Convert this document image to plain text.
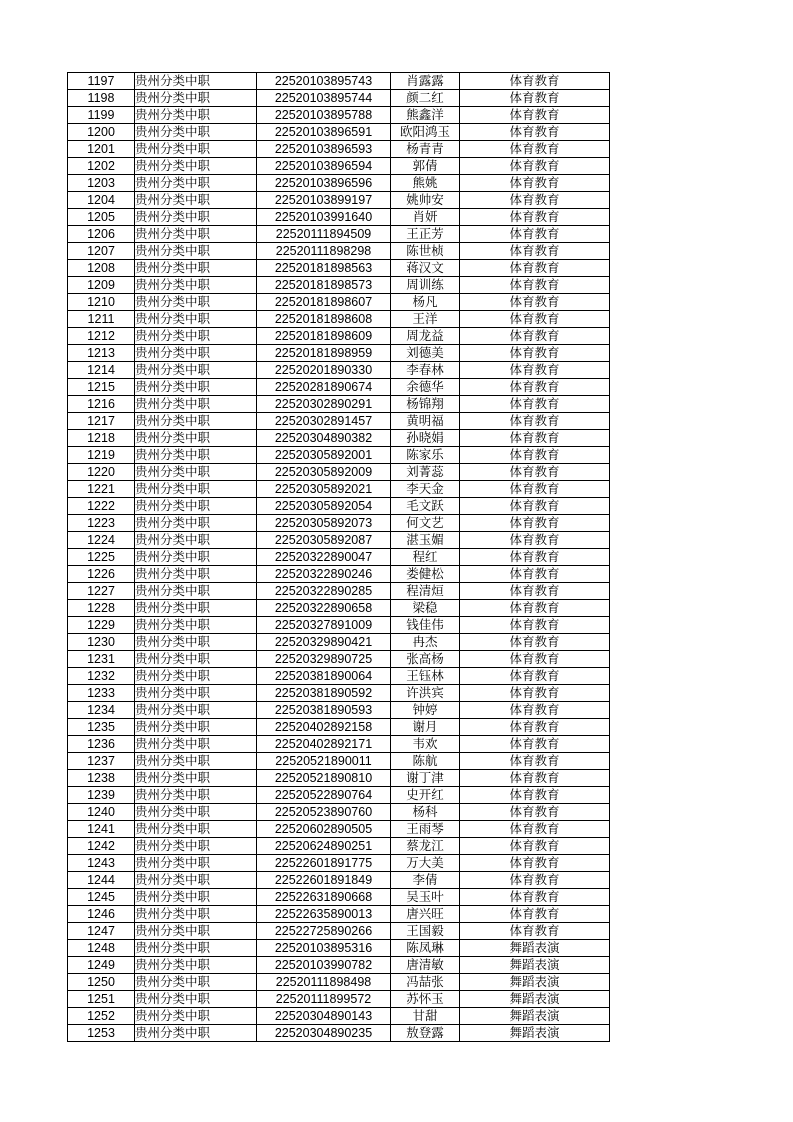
1197	贵州分类中职	22520103895743	肖露露	体育教育
1198	贵州分类中职	22520103895744	颜二红	体育教育
1199	贵州分类中职	22520103895788	熊鑫洋	体育教育
1200	贵州分类中职	22520103896591	欧阳鸿玉	体育教育
1201	贵州分类中职	22520103896593	杨青青	体育教育
1202	贵州分类中职	22520103896594	郭倩	体育教育
1203	贵州分类中职	22520103896596	熊姚	体育教育
1204	贵州分类中职	22520103899197	姚帅安	体育教育
1205	贵州分类中职	22520103991640	肖妍	体育教育
1206	贵州分类中职	22520111894509	王正芳	体育教育
1207	贵州分类中职	22520111898298	陈世桢	体育教育
1208	贵州分类中职	22520181898563	蒋汉文	体育教育
1209	贵州分类中职	22520181898573	周训练	体育教育
1210	贵州分类中职	22520181898607	杨凡	体育教育
1211	贵州分类中职	22520181898608	王洋	体育教育
1212	贵州分类中职	22520181898609	周龙益	体育教育
1213	贵州分类中职	22520181898959	刘德美	体育教育
1214	贵州分类中职	22520201890330	李春林	体育教育
1215	贵州分类中职	22520281890674	余德华	体育教育
1216	贵州分类中职	22520302890291	杨锦翔	体育教育
1217	贵州分类中职	22520302891457	黄明福	体育教育
1218	贵州分类中职	22520304890382	孙晓娟	体育教育
1219	贵州分类中职	22520305892001	陈家乐	体育教育
1220	贵州分类中职	22520305892009	刘菁蕊	体育教育
1221	贵州分类中职	22520305892021	李天金	体育教育
1222	贵州分类中职	22520305892054	毛文跃	体育教育
1223	贵州分类中职	22520305892073	何文艺	体育教育
1224	贵州分类中职	22520305892087	湛玉媚	体育教育
1225	贵州分类中职	22520322890047	程红	体育教育
1226	贵州分类中职	22520322890246	娄健松	体育教育
1227	贵州分类中职	22520322890285	程清烜	体育教育
1228	贵州分类中职	22520322890658	梁稳	体育教育
1229	贵州分类中职	22520327891009	钱佳伟	体育教育
1230	贵州分类中职	22520329890421	冉杰	体育教育
1231	贵州分类中职	22520329890725	张高杨	体育教育
1232	贵州分类中职	22520381890064	王钰林	体育教育
1233	贵州分类中职	22520381890592	许洪宾	体育教育
1234	贵州分类中职	22520381890593	钟婷	体育教育
1235	贵州分类中职	22520402892158	谢月	体育教育
1236	贵州分类中职	22520402892171	韦欢	体育教育
1237	贵州分类中职	22520521890011	陈航	体育教育
1238	贵州分类中职	22520521890810	谢丁津	体育教育
1239	贵州分类中职	22520522890764	史开红	体育教育
1240	贵州分类中职	22520523890760	杨科	体育教育
1241	贵州分类中职	22520602890505	王雨琴	体育教育
1242	贵州分类中职	22520624890251	蔡龙江	体育教育
1243	贵州分类中职	22522601891775	万大美	体育教育
1244	贵州分类中职	22522601891849	李倩	体育教育
1245	贵州分类中职	22522631890668	吴玉叶	体育教育
1246	贵州分类中职	22522635890013	唐兴旺	体育教育
1247	贵州分类中职	22522725890266	王国毅	体育教育
1248	贵州分类中职	22520103895316	陈凤琳	舞蹈表演
1249	贵州分类中职	22520103990782	唐清敏	舞蹈表演
1250	贵州分类中职	22520111898498	冯喆张	舞蹈表演
1251	贵州分类中职	22520111899572	苏怀玉	舞蹈表演
1252	贵州分类中职	22520304890143	甘甜	舞蹈表演
1253	贵州分类中职	22520304890235	敖登露	舞蹈表演
